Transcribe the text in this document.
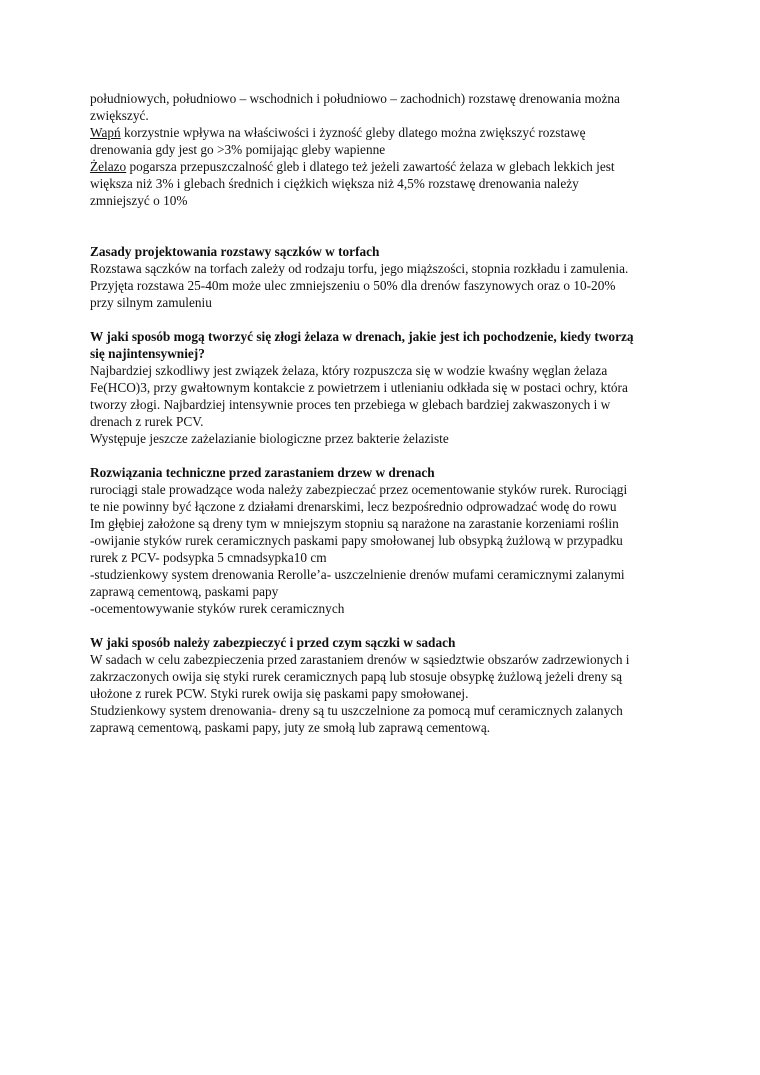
południowych, południowo – wschodnich i południowo – zachodnich) rozstawę drenowania można
zwiększyć.
Wapń korzystnie wpływa na właściwości i żyzność gleby dlatego można zwiększyć rozstawę
drenowania gdy jest go >3% pomijając gleby wapienne
Żelazo pogarsza przepuszczalność gleb i dlatego też jeżeli zawartość żelaza w glebach lekkich jest
większa niż 3% i glebach średnich i ciężkich większa niż 4,5% rozstawę drenowania należy
zmniejszyć o 10%
Zasady projektowania rozstawy sączków w torfach
Rozstawa sączków na torfach zależy od rodzaju torfu, jego miąższości, stopnia rozkładu i zamulenia.
Przyjęta rozstawa 25-40m może ulec zmniejszeniu o 50% dla drenów faszynowych oraz o 10-20%
przy silnym zamuleniu
W jaki sposób mogą tworzyć się złogi żelaza w drenach, jakie jest ich pochodzenie, kiedy tworzą
się najintensywniej?
Najbardziej szkodliwy jest związek żelaza, który rozpuszcza się w wodzie kwaśny węglan żelaza
Fe(HCO)3, przy gwałtownym kontakcie z powietrzem i utlenianiu odkłada się w postaci ochry, która
tworzy złogi. Najbardziej intensywnie proces ten przebiega w glebach bardziej zakwaszonych i w
drenach z rurek PCV.
Występuje jeszcze zażelazianie biologiczne przez bakterie żelaziste
Rozwiązania techniczne przed zarastaniem drzew w drenach
rurociągi stale prowadzące woda należy zabezpieczać przez ocementowanie styków rurek. Rurociągi
te nie powinny być łączone z działami drenarskimi, lecz bezpośrednio odprowadzać wodę do rowu
Im głębiej założone są dreny tym w mniejszym stopniu są narażone na zarastanie korzeniami roślin
-owijanie styków rurek ceramicznych paskami papy smołowanej lub obsypką żużlową w przypadku
rurek z PCV- podsypka 5 cmnadsypka10 cm
-studzienkowy system drenowania Rerolle’a- uszczelnienie drenów mufami ceramicznymi zalanymi
zaprawą cementową, paskami papy
-ocementowywanie styków rurek ceramicznych
W jaki sposób należy zabezpieczyć i przed czym sączki w sadach
W sadach w celu zabezpieczenia przed zarastaniem drenów w sąsiedztwie obszarów zadrzewionych i
zakrzaczonych owija się styki rurek ceramicznych papą lub stosuje obsypkę żużlową jeżeli dreny są
ułożone z rurek PCW. Styki rurek owija się paskami papy smołowanej.
Studzienkowy system drenowania- dreny są tu uszczelnione za pomocą muf ceramicznych zalanych
zaprawą cementową, paskami papy, juty ze smołą lub zaprawą cementową.
